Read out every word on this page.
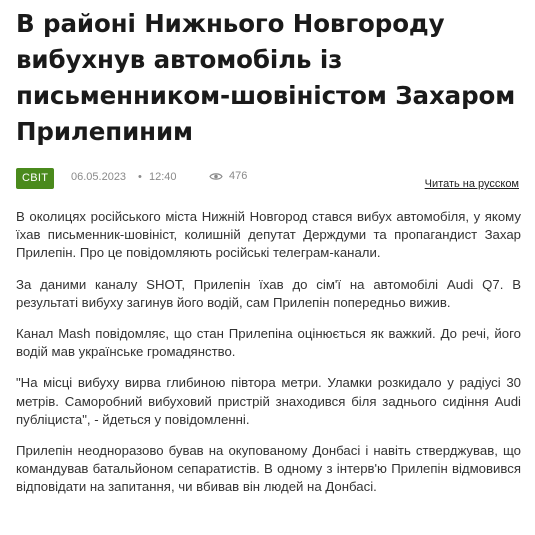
В районі Нижнього Новгороду вибухнув автомобіль із письменником-шовіністом Захаром Прилепиним
СВІТ	06.05.2023 • 12:40	476
Читать на русском

В околицях російського міста Нижній Новгород стався вибух автомобіля, у якому їхав письменник-шовініст, колишній депутат Держдуми та пропагандист Захар Прилепін. Про це повідомляють російські телеграм-канали.

За даними каналу SHOT, Прилепін їхав до сім'ї на автомобілі Audi Q7. В результаті вибуху загинув його водій, сам Прилепін попередньо вижив.

Канал Mash повідомляє, що стан Прилепіна оцінюється як важкий. До речі, його водій мав українське громадянство.

"На місці вибуху вирва глибиною півтора метри. Уламки розкидало у радіусі 30 метрів. Саморобний вибуховий пристрій знаходився біля заднього сидіння Audi публіциста", - йдеться у повідомленні.

Прилепін неодноразово бував на окупованому Донбасі і навіть стверджував, що командував батальйоном сепаратистів. В одному з інтерв'ю Прилепін відмовився відповідати на запитання, чи вбивав він людей на Донбасі.
